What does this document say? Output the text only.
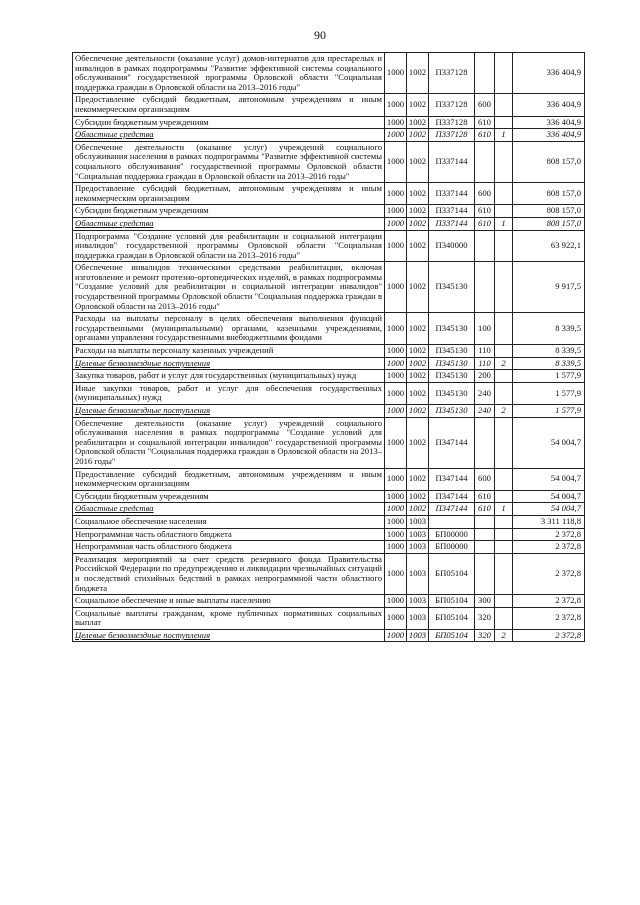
90
Обеспечение деятельности (оказание услуг) домов-интернатов для престарелых и инвалидов в рамках подпрограммы "Развитие эффективной системы социального обслуживания" государственной программы Орловской области "Социальная поддержка граждан в Орловской области на 2013–2016 годы"	1000	1002	П337128			336 404,9
Предоставление субсидий бюджетным, автономным учреждениям и иным некоммерческим организациям	1000	1002	П337128	600		336 404,9
Субсидии бюджетным учреждениям	1000	1002	П337128	610		336 404,9
Областные средства	1000	1002	П337128	610	1	336 404,9
Обеспечение деятельности (оказание услуг) учреждений социального обслуживания населения в рамках подпрограммы "Развитие эффективной системы социального обслуживания" государственной программы Орловской области "Социальная поддержка граждан в Орловской области на 2013–2016 годы"	1000	1002	П337144			808 157,0
Предоставление субсидий бюджетным, автономным учреждениям и иным некоммерческим организациям	1000	1002	П337144	600		808 157,0
Субсидии бюджетным учреждениям	1000	1002	П337144	610		808 157,0
Областные средства	1000	1002	П337144	610	1	808 157,0
Подпрограмма "Создание условий для реабилитации и социальной интеграции инвалидов" государственной программы Орловской области "Социальная поддержка граждан в Орловской области на 2013–2016 годы"	1000	1002	П340000			63 922,1
Обеспечение инвалидов техническими средствами реабилитации, включая изготовление и ремонт протезно-ортопедических изделий, в рамках подпрограммы "Создание условий для реабилитации и социальной интеграции инвалидов" государственной программы Орловской области "Социальная поддержка граждан в Орловской области на 2013–2016 годы"	1000	1002	П345130			9 917,5
Расходы на выплаты персоналу в целях обеспечения выполнения функций государственными (муниципальными) органами, казенными учреждениями, органами управления государственными внебюджетными фондами	1000	1002	П345130	100		8 339,5
Расходы на выплаты персоналу казенных учреждений	1000	1002	П345130	110		8 339,5
Целевые безвозмездные поступления	1000	1002	П345130	110	2	8 339,5
Закупка товаров, работ и услуг для государственных (муниципальных) нужд	1000	1002	П345130	200		1 577,9
Иные закупки товаров, работ и услуг для обеспечения государственных (муниципальных) нужд	1000	1002	П345130	240		1 577,9
Целевые безвозмездные поступления	1000	1002	П345130	240	2	1 577,9
Обеспечение деятельности (оказание услуг) учреждений социального обслуживания населения в рамках подпрограммы "Создание условий для реабилитации и социальной интеграции инвалидов" государственной программы Орловской области "Социальная поддержка граждан в Орловской области на 2013–2016 годы"	1000	1002	П347144			54 004,7
Предоставление субсидий бюджетным, автономным учреждениям и иным некоммерческим организациям	1000	1002	П347144	600		54 004,7
Субсидии бюджетным учреждениям	1000	1002	П347144	610		54 004,7
Областные средства	1000	1002	П347144	610	1	54 004,7
Социальное обеспечение населения	1000	1003				3 311 118,8
Непрограммная часть областного бюджета	1000	1003	БП00000			2 372,8
Непрограммная часть областного бюджета	1000	1003	БП00000			2 372,8
Реализация мероприятий за счет средств резервного фонда Правительства Российской Федерации по предупреждению и ликвидации чрезвычайных ситуаций и последствий стихийных бедствий в рамках непрограммной части областного бюджета	1000	1003	БП05104			2 372,8
Социальное обеспечение и иные выплаты населению	1000	1003	БП05104	300		2 372,8
Социальные выплаты гражданам, кроме публичных нормативных социальных выплат	1000	1003	БП05104	320		2 372,8
Целевые безвозмездные поступления	1000	1003	БП05104	320	2	2 372,8
